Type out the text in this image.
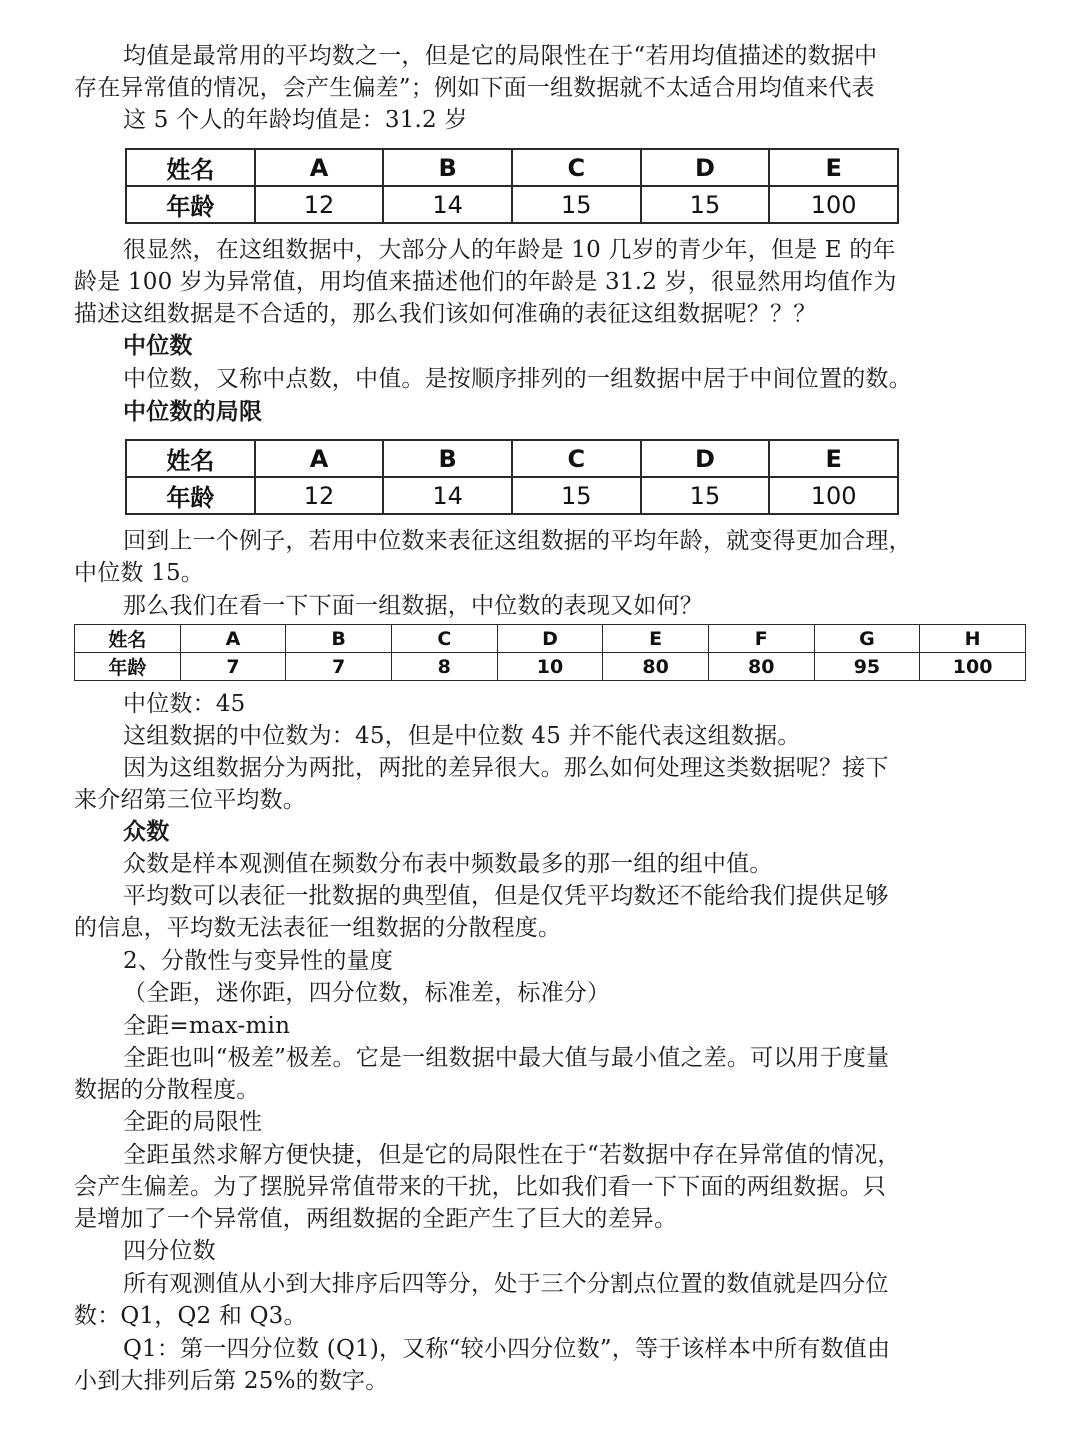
均值是最常用的平均数之一，但是它的局限性在于“若用均值描述的数据中
存在异常值的情况，会产生偏差”；例如下面一组数据就不太适合用均值来代表
这 5 个人的年龄均值是：31.2 岁
姓名	A	B	C	D	E
年龄	12	14	15	15	100
很显然，在这组数据中，大部分人的年龄是 10 几岁的青少年，但是 E 的年
龄是 100 岁为异常值，用均值来描述他们的年龄是 31.2 岁，很显然用均值作为
描述这组数据是不合适的，那么我们该如何准确的表征这组数据呢？？？
中位数
中位数，又称中点数，中值。是按顺序排列的一组数据中居于中间位置的数。
中位数的局限
姓名	A	B	C	D	E
年龄	12	14	15	15	100
回到上一个例子，若用中位数来表征这组数据的平均年龄，就变得更加合理，
中位数 15。
那么我们在看一下下面一组数据，中位数的表现又如何？
姓名	A	B	C	D	E	F	G	H
年龄	7	7	8	10	80	80	95	100
中位数：45
这组数据的中位数为：45，但是中位数 45 并不能代表这组数据。
因为这组数据分为两批，两批的差异很大。那么如何处理这类数据呢？接下
来介绍第三位平均数。
众数
众数是样本观测值在频数分布表中频数最多的那一组的组中值。
平均数可以表征一批数据的典型值，但是仅凭平均数还不能给我们提供足够
的信息，平均数无法表征一组数据的分散程度。
2、分散性与变异性的量度
（全距，迷你距，四分位数，标准差，标准分）
全距=max-min
全距也叫“极差”极差。它是一组数据中最大值与最小值之差。可以用于度量
数据的分散程度。
全距的局限性
全距虽然求解方便快捷，但是它的局限性在于“若数据中存在异常值的情况，
会产生偏差。为了摆脱异常值带来的干扰，比如我们看一下下面的两组数据。只
是增加了一个异常值，两组数据的全距产生了巨大的差异。
四分位数
所有观测值从小到大排序后四等分，处于三个分割点位置的数值就是四分位
数：Q1，Q2 和 Q3。
Q1：第一四分位数 (Q1)，又称“较小四分位数”，等于该样本中所有数值由
小到大排列后第 25%的数字。
